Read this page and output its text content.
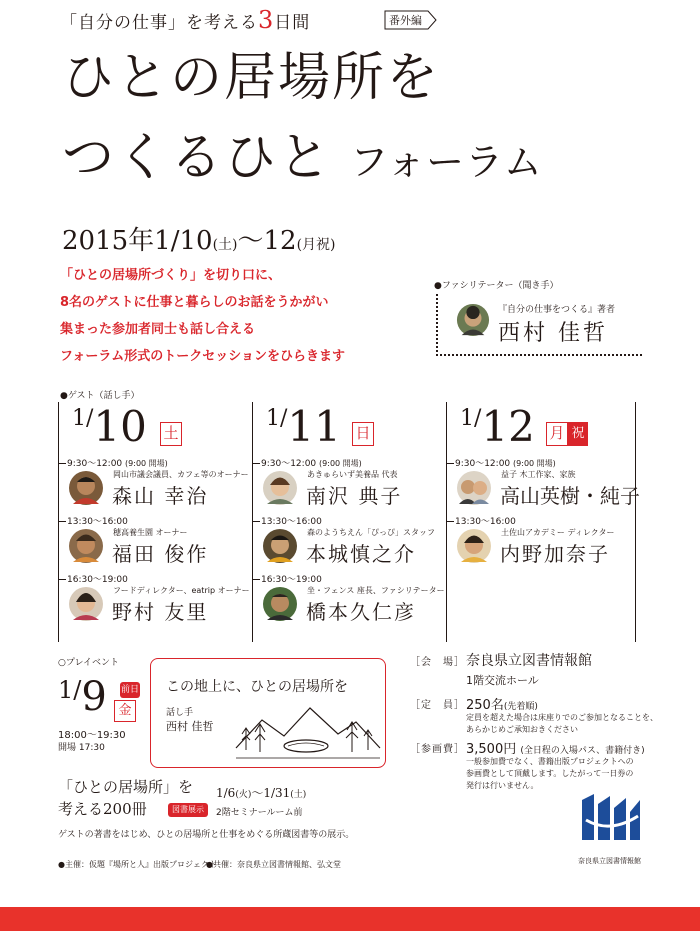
「自分の仕事」を考える3日間	番外編
ひとの居場所を
つくるひと フォーラム
2015年1/10(土)〜12(月祝)
「ひとの居場所づくり」を切り口に、
8名のゲストに仕事と暮らしのお話をうかがい
集まった参加者同士も話し合える
フォーラム形式のトークセッションをひらきます
●ファシリテーター（聞き手）
『自分の仕事をつくる』著者
西村 佳哲
●ゲスト（話し手）
1/10 土
9:30〜12:00 (9:00 開場)
岡山市議会議員、カフェ等のオーナー
森山 幸治
13:30〜16:00
穂高養生園 オーナー
福田 俊作
16:30〜19:00
フードディレクター、eatrip オーナー
野村 友里
1/11 日
9:30〜12:00 (9:00 開場)
あきゅらいず美養品 代表
南沢 典子
13:30〜16:00
森のようちえん「ぴっぴ」スタッフ
本城慎之介
16:30〜19:00
坐・フェンス 座長、ファシリテーター
橋本久仁彦
1/12 月 祝
9:30〜12:00 (9:00 開場)
益子 木工作家、家族
高山英樹・純子
13:30〜16:00
土佐山アカデミー ディレクター
内野加奈子
○プレイベント
1/9 前日
金
18:00〜19:30
開場 17:30
この地上に、ひとの居場所を
話し手
西村 佳哲
［会　場］ 奈良県立図書情報館
1階交流ホール
［定　員］ 250名(先着順)
定員を超えた場合は床座りでのご参加となることを、
あらかじめご承知おきください
［参画費］ 3,500円 (全日程の入場パス、書籍付き)
一般参加費でなく、書籍出版プロジェクトへの
参画費として頂戴します。したがって一日券の
発行は行いません。
「ひとの居場所」を
考える200冊	図書展示
1/6(火)〜1/31(土)
2階セミナールーム前
ゲストの著書をはじめ、ひとの居場所と仕事をめぐる所蔵図書等の展示。
奈良県立図書情報館
●主催：仮題『場所と人』出版プロジェクト
●共催：奈良県立図書情報館、弘文堂
